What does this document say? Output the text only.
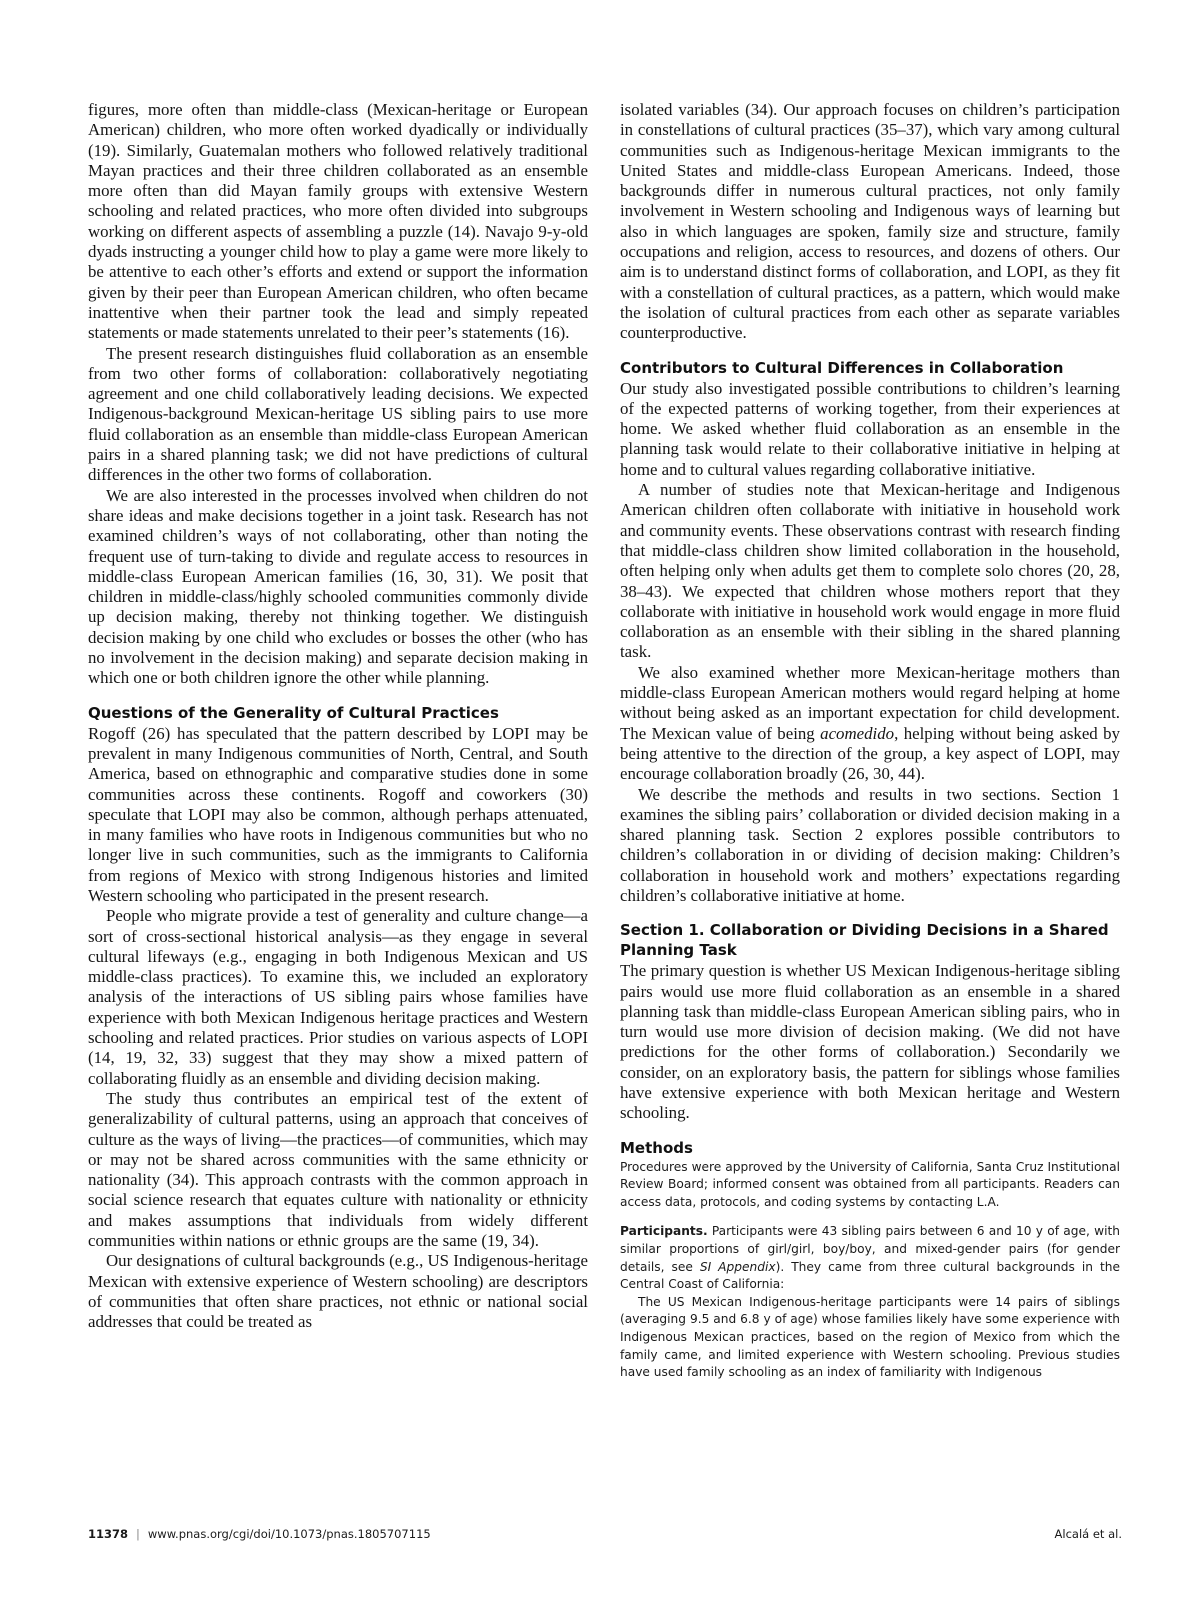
figures, more often than middle-class (Mexican-heritage or European American) children, who more often worked dyadically or individually (19). Similarly, Guatemalan mothers who followed relatively traditional Mayan practices and their three children collaborated as an ensemble more often than did Mayan family groups with extensive Western schooling and related practices, who more often divided into subgroups working on different aspects of assembling a puzzle (14). Navajo 9-y-old dyads instructing a younger child how to play a game were more likely to be attentive to each other’s efforts and extend or support the information given by their peer than European American children, who often became inattentive when their partner took the lead and simply repeated statements or made statements unrelated to their peer’s statements (16).

The present research distinguishes fluid collaboration as an ensemble from two other forms of collaboration: collaboratively negotiating agreement and one child collaboratively leading decisions. We expected Indigenous-background Mexican-heritage US sibling pairs to use more fluid collaboration as an ensemble than middle-class European American pairs in a shared planning task; we did not have predictions of cultural differences in the other two forms of collaboration.

We are also interested in the processes involved when children do not share ideas and make decisions together in a joint task. Research has not examined children’s ways of not collaborating, other than noting the frequent use of turn-taking to divide and regulate access to resources in middle-class European American families (16, 30, 31). We posit that children in middle-class/highly schooled communities commonly divide up decision making, thereby not thinking together. We distinguish decision making by one child who excludes or bosses the other (who has no involvement in the decision making) and separate decision making in which one or both children ignore the other while planning.

Questions of the Generality of Cultural Practices

Rogoff (26) has speculated that the pattern described by LOPI may be prevalent in many Indigenous communities of North, Central, and South America, based on ethnographic and comparative studies done in some communities across these continents. Rogoff and coworkers (30) speculate that LOPI may also be common, although perhaps attenuated, in many families who have roots in Indigenous communities but who no longer live in such communities, such as the immigrants to California from regions of Mexico with strong Indigenous histories and limited Western schooling who participated in the present research.

People who migrate provide a test of generality and culture change—a sort of cross-sectional historical analysis—as they engage in several cultural lifeways (e.g., engaging in both Indigenous Mexican and US middle-class practices). To examine this, we included an exploratory analysis of the interactions of US sibling pairs whose families have experience with both Mexican Indigenous heritage practices and Western schooling and related practices. Prior studies on various aspects of LOPI (14, 19, 32, 33) suggest that they may show a mixed pattern of collaborating fluidly as an ensemble and dividing decision making.

The study thus contributes an empirical test of the extent of generalizability of cultural patterns, using an approach that conceives of culture as the ways of living—the practices—of communities, which may or may not be shared across communities with the same ethnicity or nationality (34). This approach contrasts with the common approach in social science research that equates culture with nationality or ethnicity and makes assumptions that individuals from widely different communities within nations or ethnic groups are the same (19, 34).

Our designations of cultural backgrounds (e.g., US Indigenous-heritage Mexican with extensive experience of Western schooling) are descriptors of communities that often share practices, not ethnic or national social addresses that could be treated as

isolated variables (34). Our approach focuses on children’s participation in constellations of cultural practices (35–37), which vary among cultural communities such as Indigenous-heritage Mexican immigrants to the United States and middle-class European Americans. Indeed, those backgrounds differ in numerous cultural practices, not only family involvement in Western schooling and Indigenous ways of learning but also in which languages are spoken, family size and structure, family occupations and religion, access to resources, and dozens of others. Our aim is to understand distinct forms of collaboration, and LOPI, as they fit with a constellation of cultural practices, as a pattern, which would make the isolation of cultural practices from each other as separate variables counterproductive.

Contributors to Cultural Differences in Collaboration

Our study also investigated possible contributions to children’s learning of the expected patterns of working together, from their experiences at home. We asked whether fluid collaboration as an ensemble in the planning task would relate to their collaborative initiative in helping at home and to cultural values regarding collaborative initiative.

A number of studies note that Mexican-heritage and Indigenous American children often collaborate with initiative in household work and community events. These observations contrast with research finding that middle-class children show limited collaboration in the household, often helping only when adults get them to complete solo chores (20, 28, 38–43). We expected that children whose mothers report that they collaborate with initiative in household work would engage in more fluid collaboration as an ensemble with their sibling in the shared planning task.

We also examined whether more Mexican-heritage mothers than middle-class European American mothers would regard helping at home without being asked as an important expectation for child development. The Mexican value of being acomedido, helping without being asked by being attentive to the direction of the group, a key aspect of LOPI, may encourage collaboration broadly (26, 30, 44).

We describe the methods and results in two sections. Section 1 examines the sibling pairs’ collaboration or divided decision making in a shared planning task. Section 2 explores possible contributors to children’s collaboration in or dividing of decision making: Children’s collaboration in household work and mothers’ expectations regarding children’s collaborative initiative at home.

Section 1. Collaboration or Dividing Decisions in a Shared Planning Task

The primary question is whether US Mexican Indigenous-heritage sibling pairs would use more fluid collaboration as an ensemble in a shared planning task than middle-class European American sibling pairs, who in turn would use more division of decision making. (We did not have predictions for the other forms of collaboration.) Secondarily we consider, on an exploratory basis, the pattern for siblings whose families have extensive experience with both Mexican heritage and Western schooling.

Methods

Procedures were approved by the University of California, Santa Cruz Institutional Review Board; informed consent was obtained from all participants. Readers can access data, protocols, and coding systems by contacting L.A.

Participants. Participants were 43 sibling pairs between 6 and 10 y of age, with similar proportions of girl/girl, boy/boy, and mixed-gender pairs (for gender details, see SI Appendix). They came from three cultural backgrounds in the Central Coast of California:

The US Mexican Indigenous-heritage participants were 14 pairs of siblings (averaging 9.5 and 6.8 y of age) whose families likely have some experience with Indigenous Mexican practices, based on the region of Mexico from which the family came, and limited experience with Western schooling. Previous studies have used family schooling as an index of familiarity with Indigenous

11378 | www.pnas.org/cgi/doi/10.1073/pnas.1805707115	Alcalá et al.
